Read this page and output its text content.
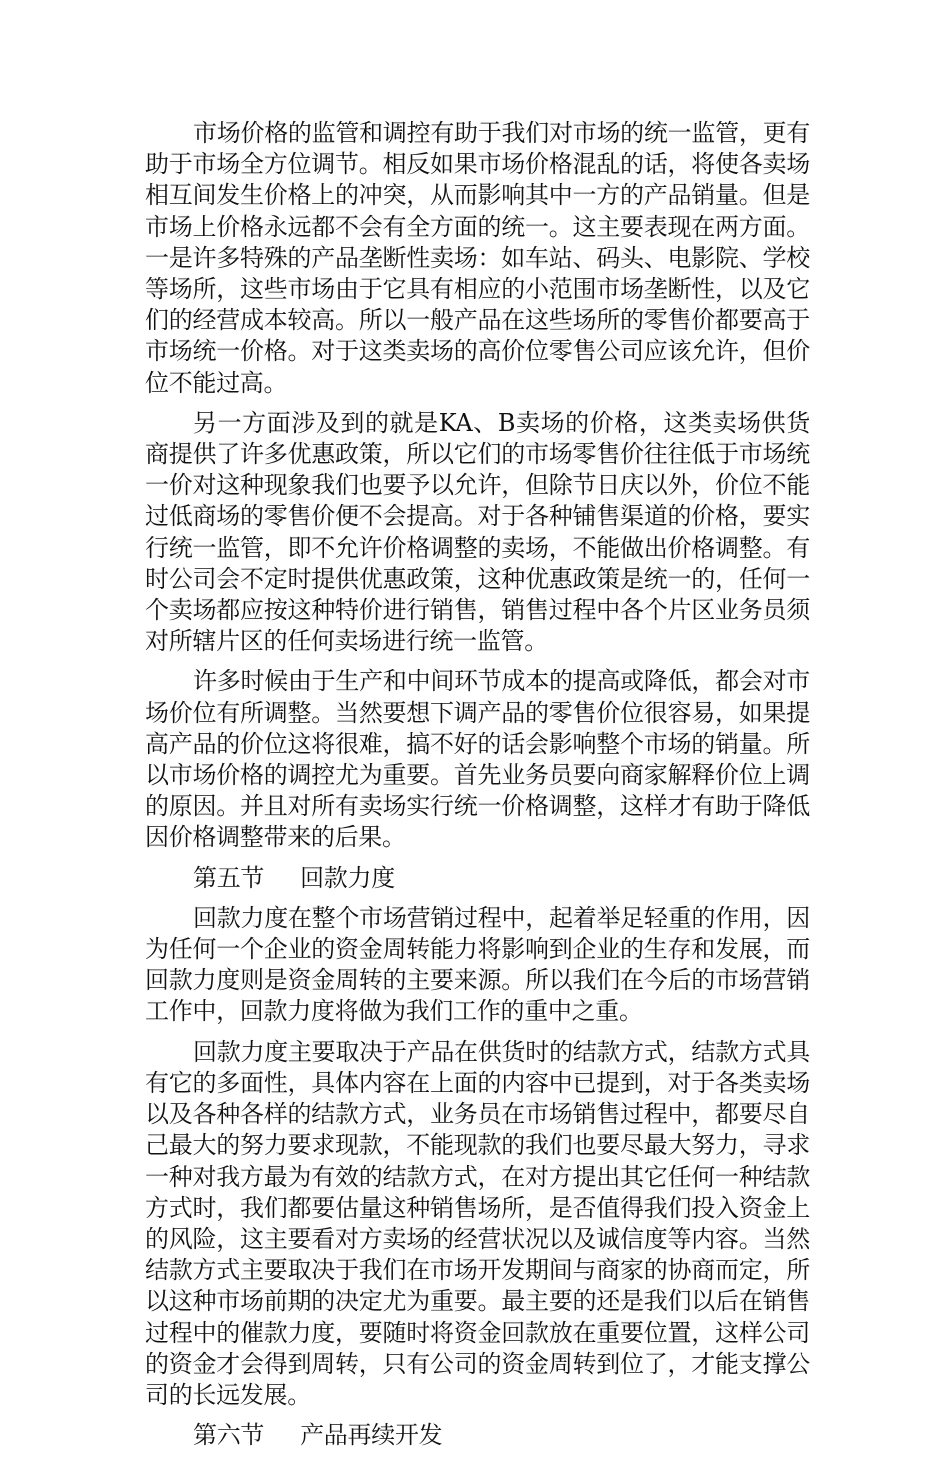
市场价格的监管和调控有助于我们对市场的统一监管，更有助于市场全方位调节。相反如果市场价格混乱的话，将使各卖场相互间发生价格上的冲突，从而影响其中一方的产品销量。但是市场上价格永远都不会有全方面的统一。这主要表现在两方面。一是许多特殊的产品垄断性卖场：如车站、码头、电影院、学校等场所，这些市场由于它具有相应的小范围市场垄断性，以及它们的经营成本较高。所以一般产品在这些场所的零售价都要高于市场统一价格。对于这类卖场的高价位零售公司应该允许，但价位不能过高。

另一方面涉及到的就是KA、B卖场的价格，这类卖场供货商提供了许多优惠政策，所以它们的市场零售价往往低于市场统一价对这种现象我们也要予以允许，但除节日庆以外，价位不能过低商场的零售价便不会提高。对于各种铺售渠道的价格，要实行统一监管，即不允许价格调整的卖场，不能做出价格调整。有时公司会不定时提供优惠政策，这种优惠政策是统一的，任何一个卖场都应按这种特价进行销售，销售过程中各个片区业务员须对所辖片区的任何卖场进行统一监管。

许多时候由于生产和中间环节成本的提高或降低，都会对市场价位有所调整。当然要想下调产品的零售价位很容易，如果提高产品的价位这将很难，搞不好的话会影响整个市场的销量。所以市场价格的调控尤为重要。首先业务员要向商家解释价位上调的原因。并且对所有卖场实行统一价格调整，这样才有助于降低因价格调整带来的后果。

第五节 回款力度

回款力度在整个市场营销过程中，起着举足轻重的作用，因为任何一个企业的资金周转能力将影响到企业的生存和发展，而回款力度则是资金周转的主要来源。所以我们在今后的市场营销工作中，回款力度将做为我们工作的重中之重。

回款力度主要取决于产品在供货时的结款方式，结款方式具有它的多面性，具体内容在上面的内容中已提到，对于各类卖场以及各种各样的结款方式，业务员在市场销售过程中，都要尽自己最大的努力要求现款，不能现款的我们也要尽最大努力，寻求一种对我方最为有效的结款方式，在对方提出其它任何一种结款方式时，我们都要估量这种销售场所，是否值得我们投入资金上的风险，这主要看对方卖场的经营状况以及诚信度等内容。当然结款方式主要取决于我们在市场开发期间与商家的协商而定，所以这种市场前期的决定尤为重要。最主要的还是我们以后在销售过程中的催款力度，要随时将资金回款放在重要位置，这样公司的资金才会得到周转，只有公司的资金周转到位了，才能支撑公司的长远发展。

第六节 产品再续开发
